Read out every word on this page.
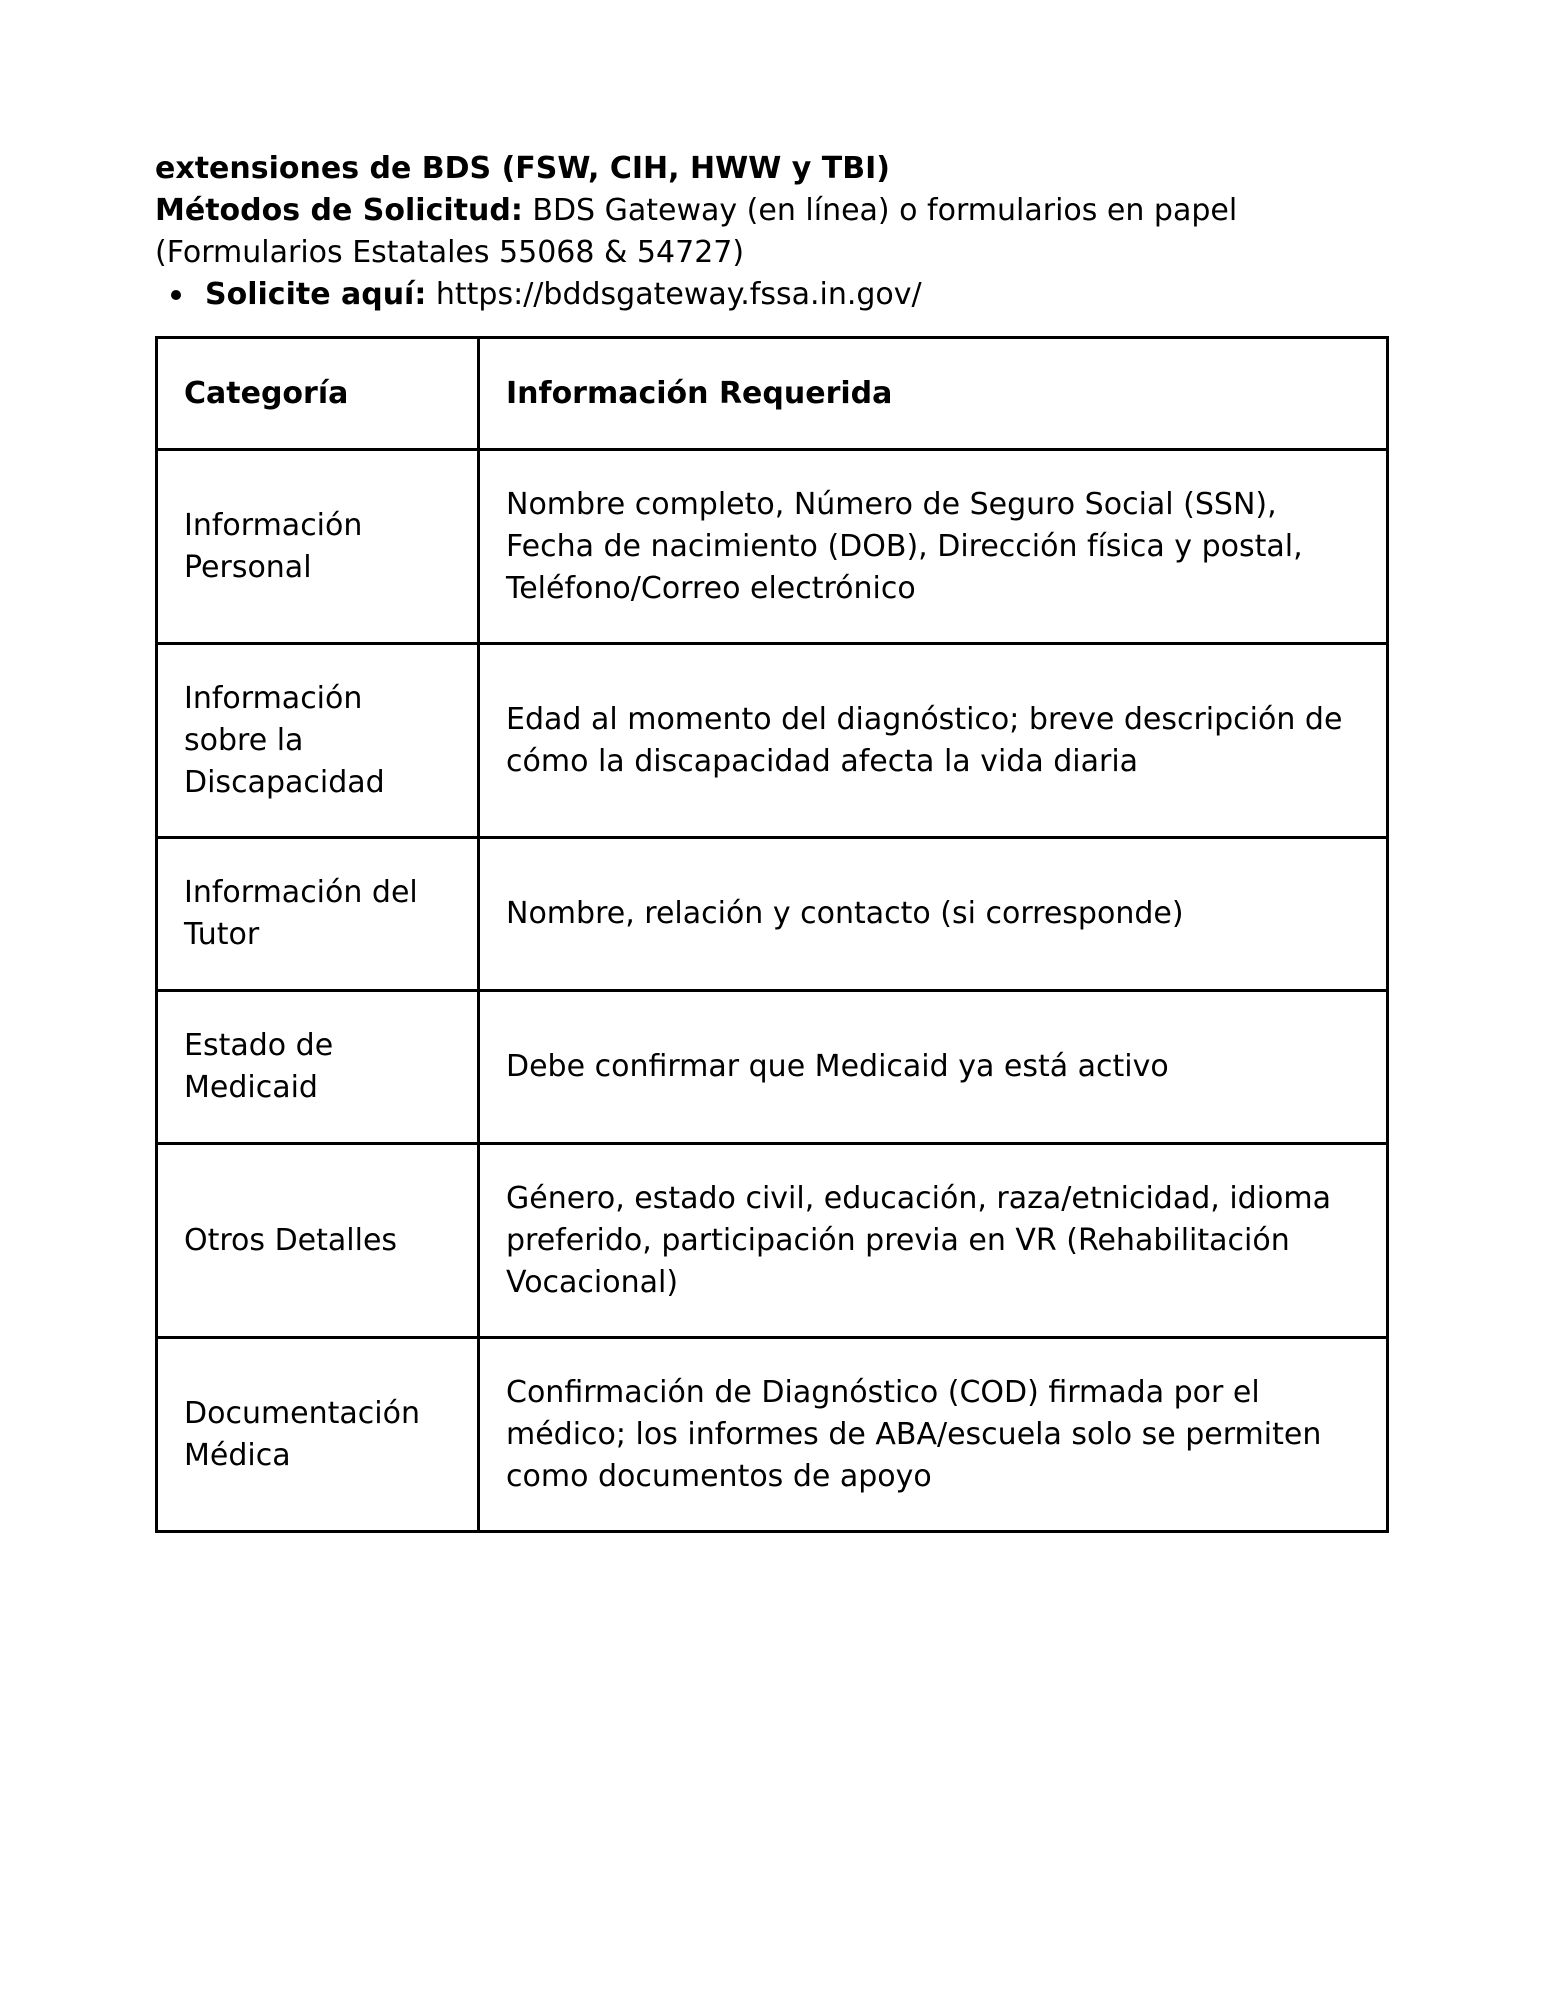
extensiones de BDS (FSW, CIH, HWW y TBI)

Métodos de Solicitud: BDS Gateway (en línea) o formularios en papel (Formularios Estatales 55068 & 54727)

Solicite aquí: https://bddsgateway.fssa.in.gov/
Categoría	Información Requerida
Información Personal	Nombre completo, Número de Seguro Social (SSN), Fecha de nacimiento (DOB), Dirección física y postal, Teléfono/Correo electrónico
Información sobre la Discapacidad	Edad al momento del diagnóstico; breve descripción de cómo la discapacidad afecta la vida diaria
Información del Tutor	Nombre, relación y contacto (si corresponde)
Estado de Medicaid	Debe confirmar que Medicaid ya está activo
Otros Detalles	Género, estado civil, educación, raza/etnicidad, idioma preferido, participación previa en VR (Rehabilitación Vocacional)
Documentación Médica	Confirmación de Diagnóstico (COD) firmada por el médico; los informes de ABA/escuela solo se permiten como documentos de apoyo
